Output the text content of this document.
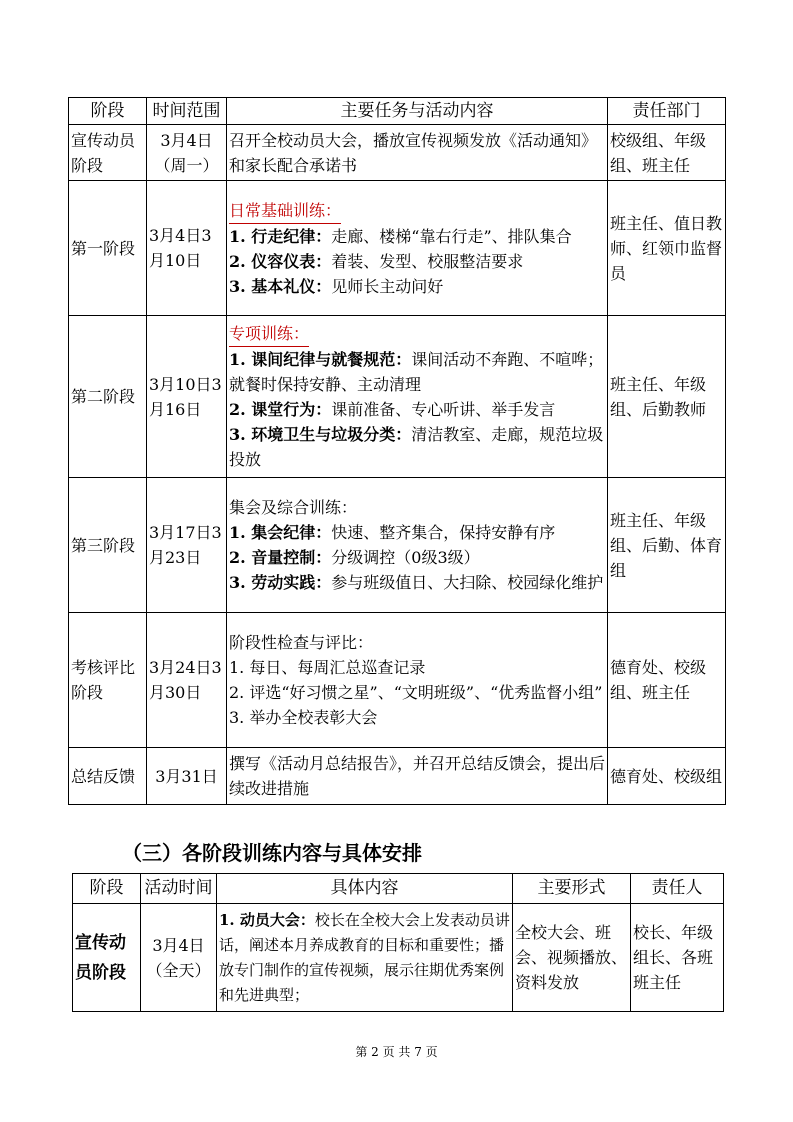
阶段	时间范围	主要任务与活动内容	责任部门
宣传动员阶段	3月4日（周一）	召开全校动员大会，播放宣传视频发放《活动通知》和家长配合承诺书	校级组、年级组、班主任
第一阶段	3月4日3月10日	日常基础训练：
1. 行走纪律：走廊、楼梯“靠右行走”、排队集合
2. 仪容仪表：着装、发型、校服整洁要求
3. 基本礼仪：见师长主动问好	班主任、值日教师、红领巾监督员
第二阶段	3月10日3月16日	专项训练：
1. 课间纪律与就餐规范：课间活动不奔跑、不喧哗；就餐时保持安静、主动清理
2. 课堂行为：课前准备、专心听讲、举手发言
3. 环境卫生与垃圾分类：清洁教室、走廊，规范垃圾投放	班主任、年级组、后勤教师
第三阶段	3月17日3月23日	集会及综合训练：
1. 集会纪律：快速、整齐集合，保持安静有序
2. 音量控制：分级调控（0级3级）
3. 劳动实践：参与班级值日、大扫除、校园绿化维护	班主任、年级组、后勤、体育组
考核评比阶段	3月24日3月30日	阶段性检查与评比：
1. 每日、每周汇总巡查记录
2. 评选“好习惯之星”、“文明班级”、“优秀监督小组”
3. 举办全校表彰大会	德育处、校级组、班主任
总结反馈	3月31日	撰写《活动月总结报告》，并召开总结反馈会，提出后续改进措施	德育处、校级组
（三）各阶段训练内容与具体安排
阶段	活动时间	具体内容	主要形式	责任人
宣传动员阶段	3月4日（全天）	1. 动员大会：校长在全校大会上发表动员讲话，阐述本月养成教育的目标和重要性；播放专门制作的宣传视频，展示往期优秀案例和先进典型；	全校大会、班会、视频播放、资料发放	校长、年级组长、各班班主任
第 2 页 共 7 页
